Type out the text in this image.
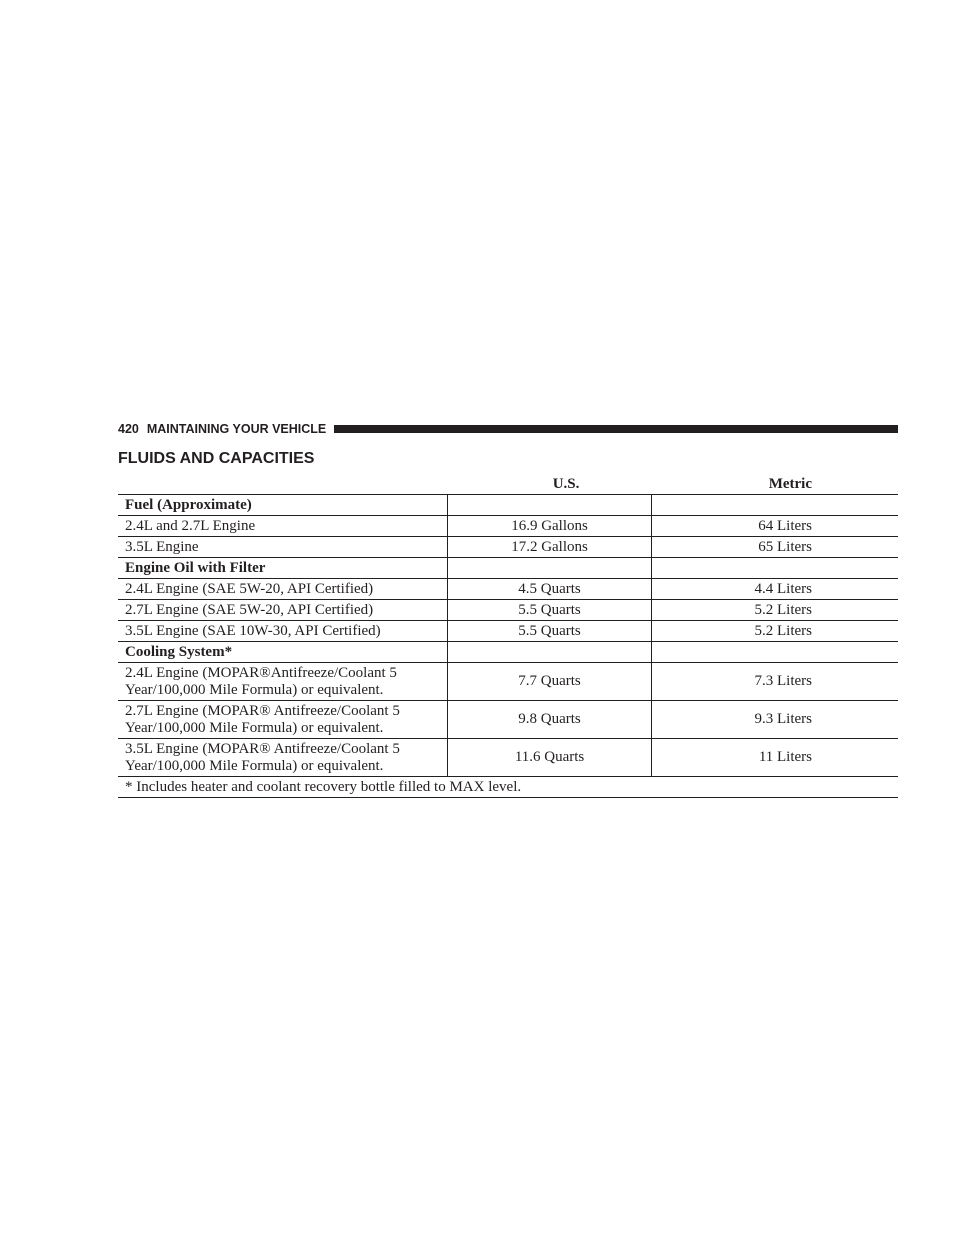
420 MAINTAINING YOUR VEHICLE
FLUIDS AND CAPACITIES
	U.S.	Metric
Fuel (Approximate)		
2.4L and 2.7L Engine	16.9 Gallons	64 Liters
3.5L Engine	17.2 Gallons	65 Liters
Engine Oil with Filter		
2.4L Engine (SAE 5W-20, API Certified)	4.5 Quarts	4.4 Liters
2.7L Engine (SAE 5W-20, API Certified)	5.5 Quarts	5.2 Liters
3.5L Engine (SAE 10W-30, API Certified)	5.5 Quarts	5.2 Liters
Cooling System*		
2.4L Engine (MOPAR®Antifreeze/Coolant 5
Year/100,000 Mile Formula) or equivalent.	7.7 Quarts	7.3 Liters
2.7L Engine (MOPAR® Antifreeze/Coolant 5
Year/100,000 Mile Formula) or equivalent.	9.8 Quarts	9.3 Liters
3.5L Engine (MOPAR® Antifreeze/Coolant 5
Year/100,000 Mile Formula) or equivalent.	11.6 Quarts	11 Liters
* Includes heater and coolant recovery bottle filled to MAX level.		
